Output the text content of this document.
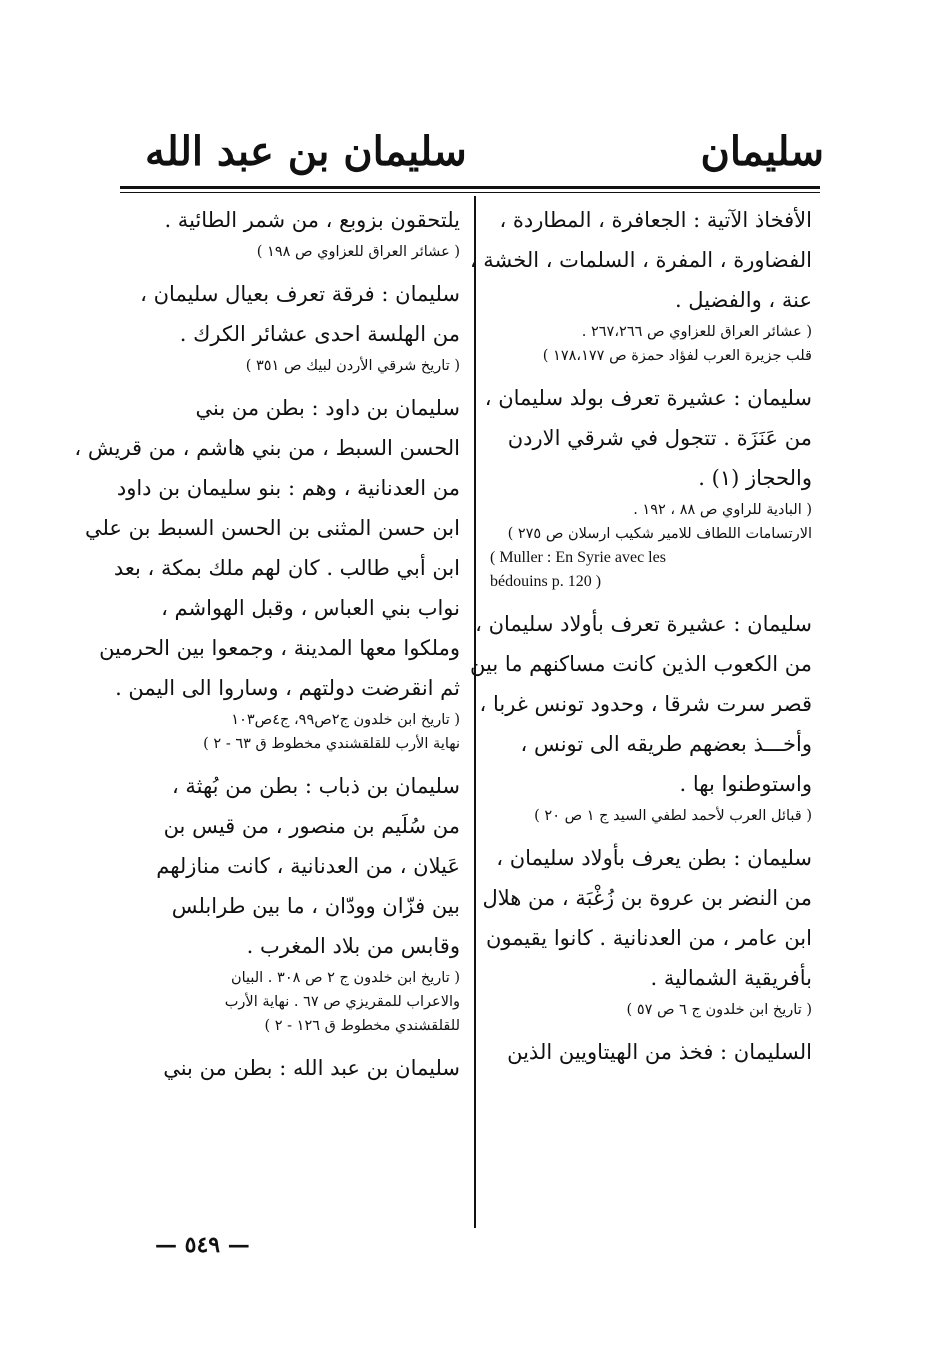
سليمان
سليمان بن عبد الله
الأفخاذ الآتية : الجعافرة ، المطاردة ،
الفضاورة ، المفرة ، السلمات ، الخشة ،
عنة ، والفضيل .
( عشائر العراق للعزاوي ص ٢٦٧،٢٦٦ .
قلب جزيرة العرب لفؤاد حمزة ص ١٧٨،١٧٧ )
سليمان : عشيرة تعرف بولد سليمان ،
من عَنَزَة . تتجول في شرقي الاردن
والحجاز (١) .
( البادية للراوي ص ٨٨ ، ١٩٢ .
الارتسامات اللطاف للامير شكيب ارسلان ص ٢٧٥ )
( Muller : En Syrie avec les
bédouins p. 120 )
سليمان : عشيرة تعرف بأولاد سليمان ،
من الكعوب الذين كانت مساكنهم ما بين
قصر سرت شرقا ، وحدود تونس غربا ،
وأخـــذ بعضهم طريقه الى تونس ،
واستوطنوا بها .
( قبائل العرب لأحمد لطفي السيد ج ١ ص ٢٠ )
سليمان : بطن يعرف بأولاد سليمان ،
من النضر بن عروة بن زُغْبَة ، من هلال
ابن عامر ، من العدنانية . كانوا يقيمون
بأفريقية الشمالية .
( تاريخ ابن خلدون ج ٦ ص ٥٧ )
السليمان : فخذ من الهيتاويين الذين
يلتحقون بزوبع ، من شمر الطائية .
( عشائر العراق للعزاوي ص ١٩٨ )
سليمان : فرقة تعرف بعيال سليمان ،
من الهلسة احدى عشائر الكرك .
( تاريخ شرقي الأردن لبيك ص ٣٥١ )
سليمان بن داود : بطن من بني
الحسن السبط ، من بني هاشم ، من قريش ،
من العدنانية ، وهم : بنو سليمان بن داود
ابن حسن المثنى بن الحسن السبط بن علي
ابن أبي طالب . كان لهم ملك بمكة ، بعد
نواب بني العباس ، وقبل الهواشم ،
وملكوا معها المدينة ، وجمعوا بين الحرمين
ثم انقرضت دولتهم ، وساروا الى اليمن .
( تاريخ ابن خلدون ج٢ص٩٩، ج٤ص١٠٣
نهاية الأرب للقلقشندي مخطوط ق ٦٣ - ٢ )
سليمان بن ذباب : بطن من بُهثة ،
من سُلَيم بن منصور ، من قيس بن
عَيلان ، من العدنانية ، كانت منازلهم
بين فزّان وودّان ، ما بين طرابلس
وقابس من بلاد المغرب .
( تاريخ ابن خلدون ج ٢ ص ٣٠٨ . البيان
والاعراب للمقريزي ص ٦٧ . نهاية الأرب
للقلقشندي مخطوط ق ١٢٦ - ٢ )
سليمان بن عبد الله : بطن من بني
— ٥٤٩ —
